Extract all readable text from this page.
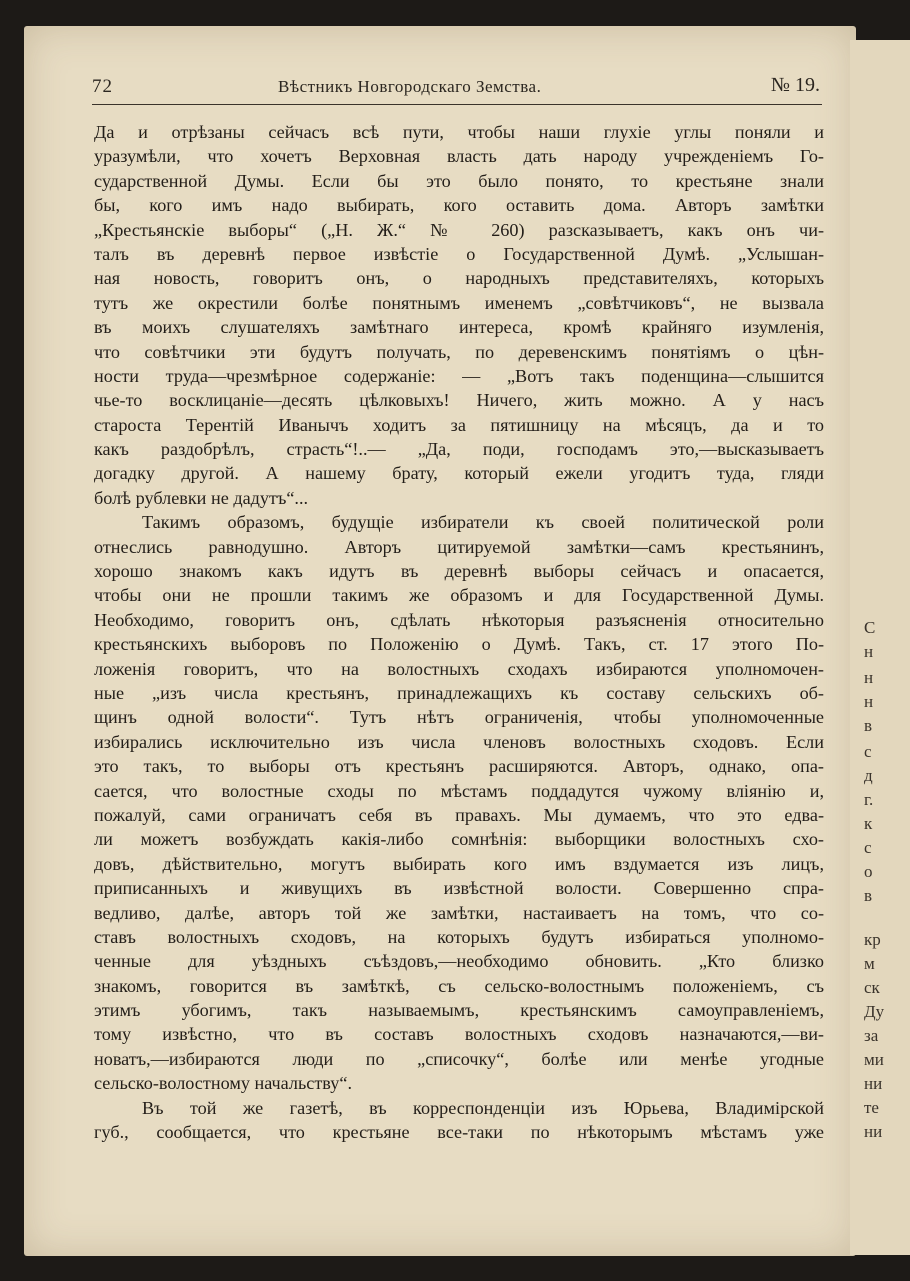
С
н
н
н
в
с
д
г.
к
с
о
в
кр
м
ск
Ду
за
ми
ни
те
ни
72	Вѣстникъ Новгородскаго Земства.	№ 19.
Да и отрѣзаны сейчасъ всѣ пути, чтобы наши глухіе углы поняли и
уразумѣли, что хочетъ Верховная власть дать народу учрежденіемъ Го-
сударственной Думы. Если бы это было понято, то крестьяне знали
бы, кого имъ надо выбирать, кого оставить дома. Авторъ замѣтки
„Крестьянскіе выборы“ („Н. Ж.“ № 260) разсказываетъ, какъ онъ чи-
талъ въ деревнѣ первое извѣстіе о Государственной Думѣ. „Услышан-
ная новость, говоритъ онъ, о народныхъ представителяхъ, которыхъ
тутъ же окрестили болѣе понятнымъ именемъ „совѣтчиковъ“, не вызвала
въ моихъ слушателяхъ замѣтнаго интереса, кромѣ крайняго изумленія,
что совѣтчики эти будутъ получать, по деревенскимъ понятіямъ о цѣн-
ности труда—чрезмѣрное содержаніе: — „Вотъ такъ поденщина—слышится
чье-то восклицаніе—десять цѣлковыхъ! Ничего, жить можно. А у насъ
староста Терентій Иванычъ ходитъ за пятишницу на мѣсяцъ, да и то
какъ раздобрѣлъ, страсть“!..— „Да, поди, господамъ это,—высказываетъ
догадку другой. А нашему брату, который ежели угодитъ туда, гляди
болѣ рублевки не дадутъ“...
Такимъ образомъ, будущіе избиратели къ своей политической роли
отнеслись равнодушно. Авторъ цитируемой замѣтки—самъ крестьянинъ,
хорошо знакомъ какъ идутъ въ деревнѣ выборы сейчасъ и опасается,
чтобы они не прошли такимъ же образомъ и для Государственной Думы.
Необходимо, говоритъ онъ, сдѣлать нѣкоторыя разъясненія относительно
крестьянскихъ выборовъ по Положенію о Думѣ. Такъ, ст. 17 этого По-
ложенія говоритъ, что на волостныхъ сходахъ избираются уполномочен-
ные „изъ числа крестьянъ, принадлежащихъ къ составу сельскихъ об-
щинъ одной волости“. Тутъ нѣтъ ограниченія, чтобы уполномоченные
избирались исключительно изъ числа членовъ волостныхъ сходовъ. Если
это такъ, то выборы отъ крестьянъ расширяются. Авторъ, однако, опа-
сается, что волостные сходы по мѣстамъ поддадутся чужому вліянію и,
пожалуй, сами ограничатъ себя въ правахъ. Мы думаемъ, что это едва-
ли можетъ возбуждать какія-либо сомнѣнія: выборщики волостныхъ схо-
довъ, дѣйствительно, могутъ выбирать кого имъ вздумается изъ лицъ,
приписанныхъ и живущихъ въ извѣстной волости. Совершенно спра-
ведливо, далѣе, авторъ той же замѣтки, настаиваетъ на томъ, что со-
ставъ волостныхъ сходовъ, на которыхъ будутъ избираться уполномо-
ченные для уѣздныхъ съѣздовъ,—необходимо обновить. „Кто близко
знакомъ, говорится въ замѣткѣ, съ сельско-волостнымъ положеніемъ, съ
этимъ убогимъ, такъ называемымъ, крестьянскимъ самоуправленіемъ,
тому извѣстно, что въ составъ волостныхъ сходовъ назначаются,—ви-
новатъ,—избираются люди по „списочку“, болѣе или менѣе угодные
сельско-волостному начальству“.
Въ той же газетѣ, въ корреспонденціи изъ Юрьева, Владимірской
губ., сообщается, что крестьяне все-таки по нѣкоторымъ мѣстамъ уже
